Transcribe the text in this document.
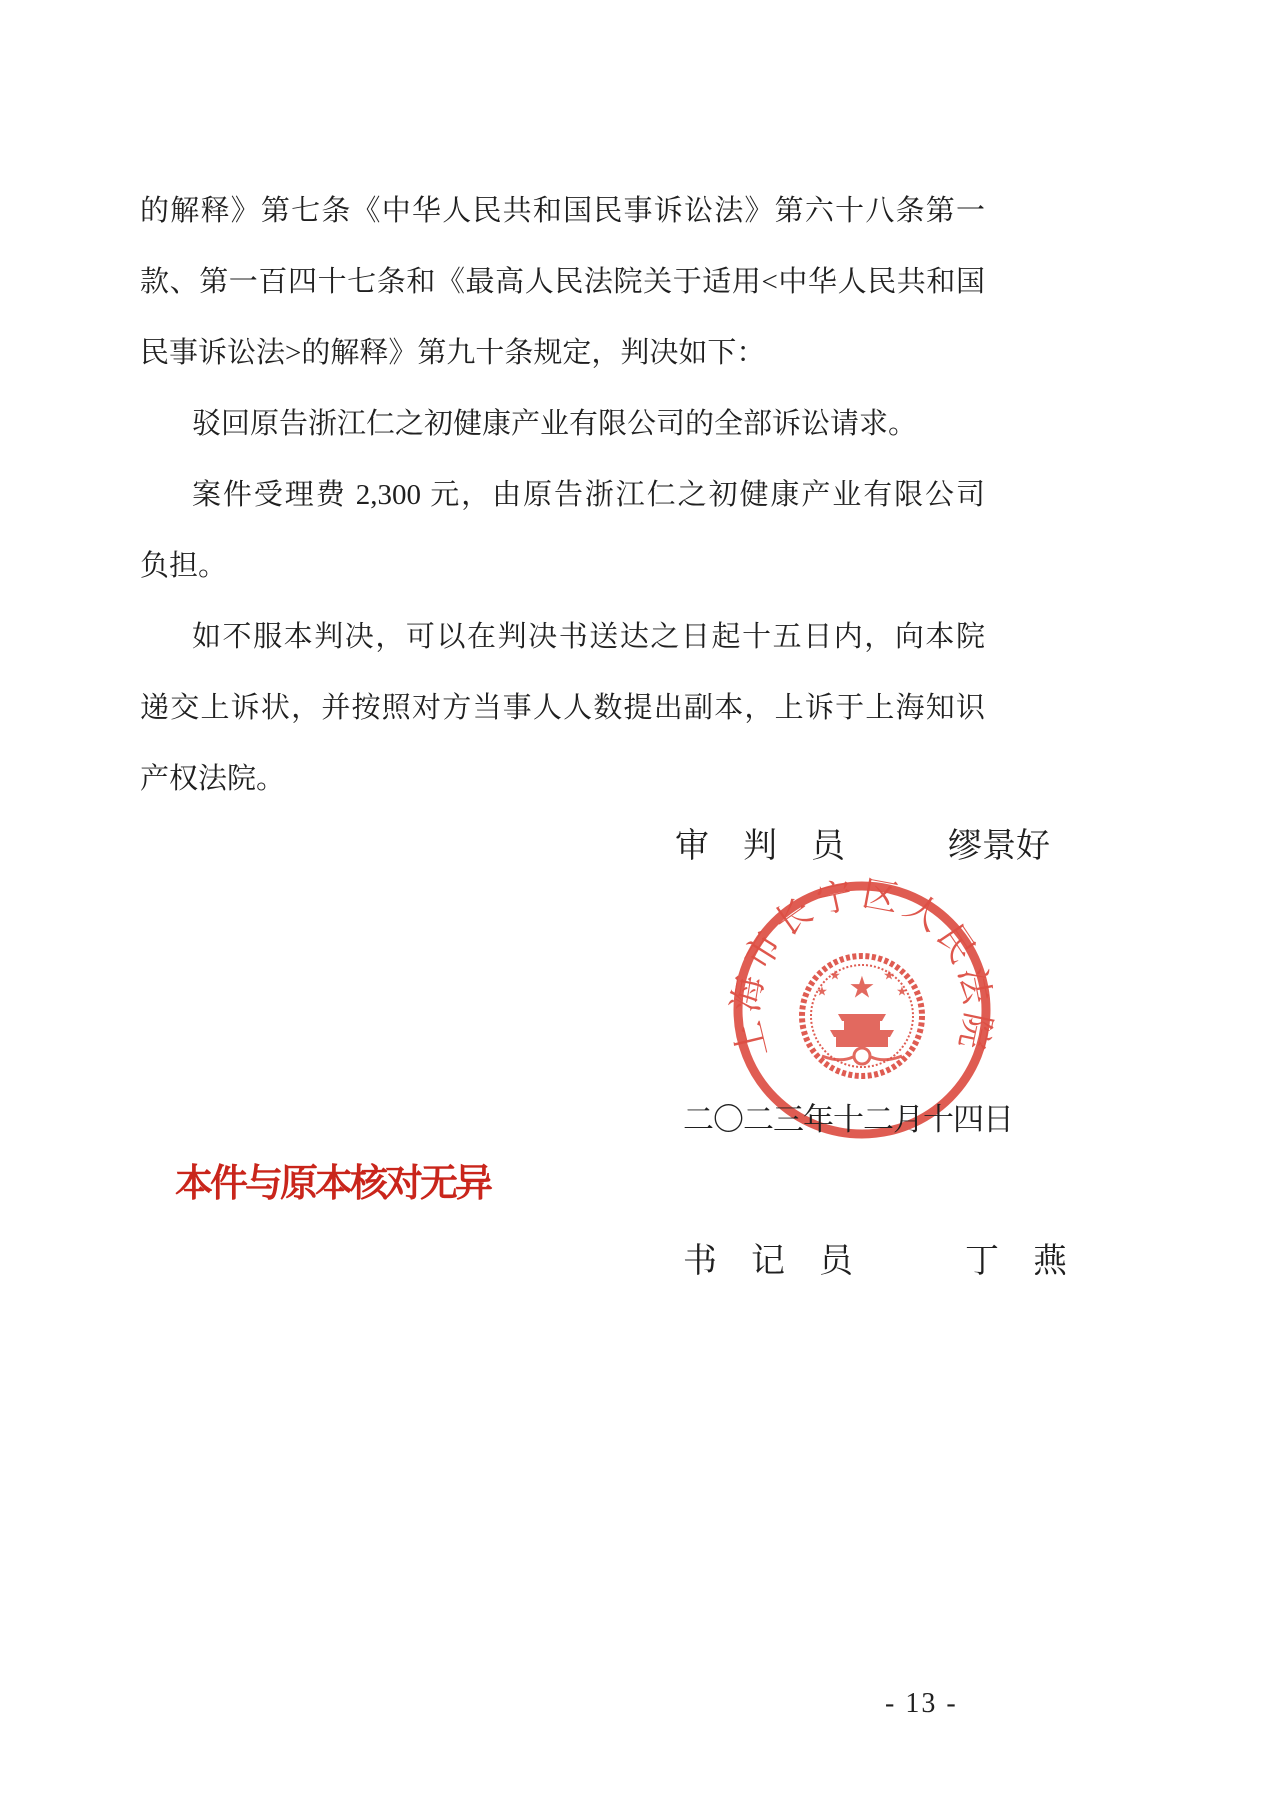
的解释》第七条《中华人民共和国民事诉讼法》第六十八条第一
款、第一百四十七条和《最高人民法院关于适用<中华人民共和国
民事诉讼法>的解释》第九十条规定，判决如下：
驳回原告浙江仁之初健康产业有限公司的全部诉讼请求。
案件受理费 2,300 元，由原告浙江仁之初健康产业有限公司
负担。
如不服本判决，可以在判决书送达之日起十五日内，向本院
递交上诉状，并按照对方当事人人数提出副本，上诉于上海知识
产权法院。
审　判　员	缪景好
上海市长宁区人民法院
★
★
★
★
★
二〇二三年十二月十四日
本件与原本核对无异
书　记　员	丁　燕
- 13 -
